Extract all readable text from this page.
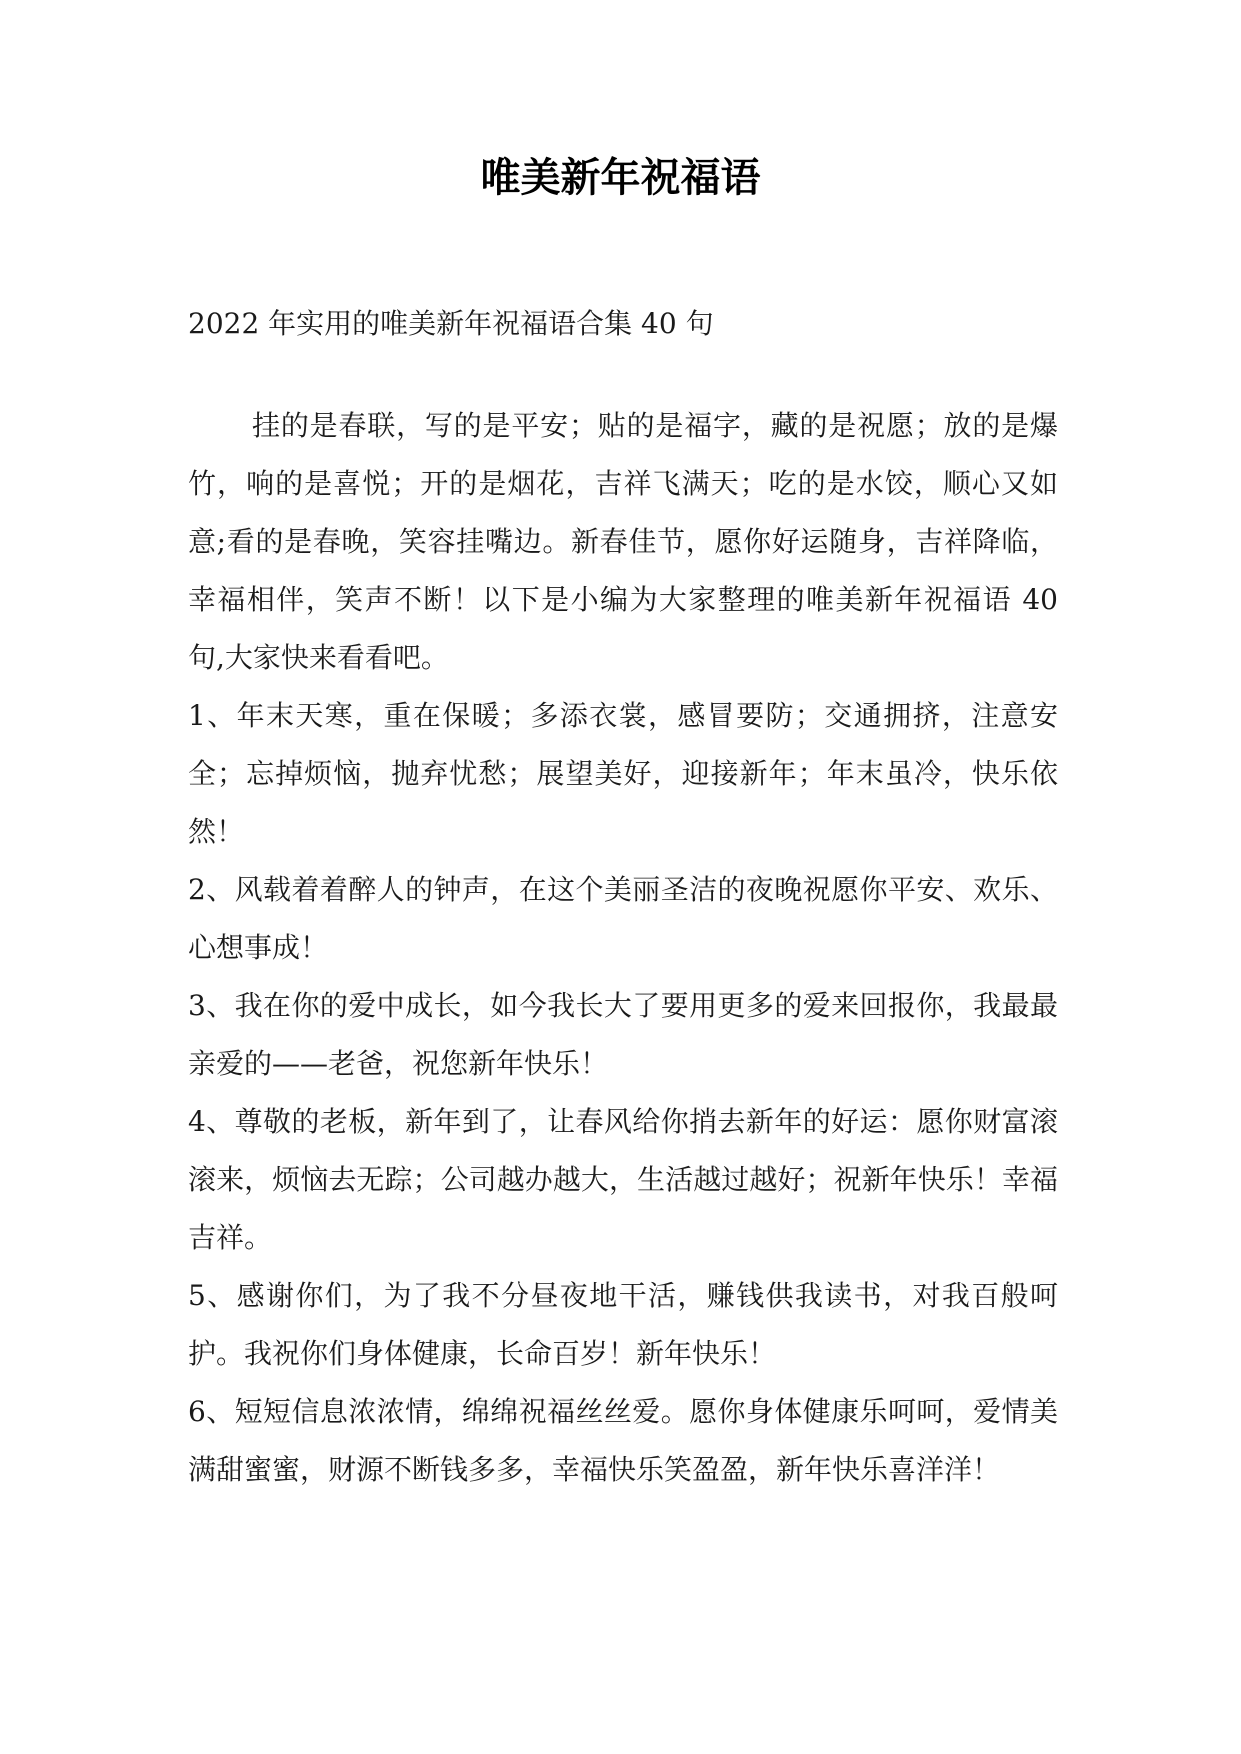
唯美新年祝福语

2022 年实用的唯美新年祝福语合集 40 句

挂的是春联，写的是平安；贴的是福字，藏的是祝愿；放的是爆竹，响的是喜悦；开的是烟花，吉祥飞满天；吃的是水饺，顺心又如意;看的是春晚，笑容挂嘴边。新春佳节，愿你好运随身，吉祥降临，幸福相伴，笑声不断！以下是小编为大家整理的唯美新年祝福语 40 句,大家快来看看吧。

1 、 年末天寒，重在保暖；多添衣裳，感冒要防；交通拥挤，注意安全；忘掉烦恼，抛弃忧愁；展望美好，迎接新年；年末虽冷，快乐依然！

2 、 风载着着醉人的钟声，在这个美丽圣洁的夜晚祝愿你平安、欢乐、心想事成！

3 、 我在你的爱中成长，如今我长大了要用更多的爱来回报你，我最最亲爱的——老爸，祝您新年快乐！

4 、 尊敬的老板，新年到了，让春风给你捎去新年的好运：愿你财富滚滚来，烦恼去无踪；公司越办越大，生活越过越好；祝新年快乐！幸福吉祥。

5 、 感谢你们，为了我不分昼夜地干活，赚钱供我读书，对我百般呵护。我祝你们身体健康，长命百岁！新年快乐！

6 、 短短信息浓浓情，绵绵祝福丝丝爱。愿你身体健康乐呵呵，爱情美满甜蜜蜜，财源不断钱多多，幸福快乐笑盈盈，新年快乐喜洋洋！
